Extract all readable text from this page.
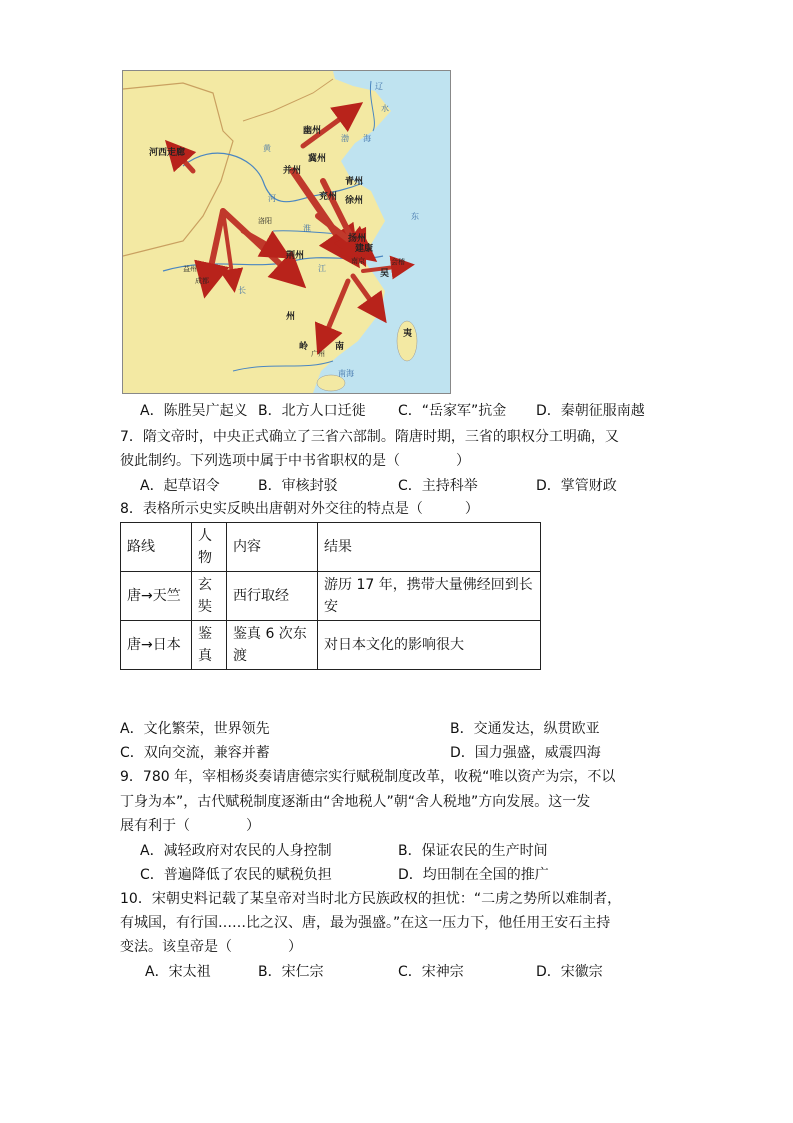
幽州
冀州
并州
青州
兖州 徐州
扬州
荆州
建康
南京
吴
会稽
益州
成都
洛阳
广州
岭	南
州
夷
河西走廊
渤 海
东
南海
辽
水
江
黄
河
淮
长
A．陈胜吴广起义 B．北方人口迁徙 C．“岳家军”抗金 D．秦朝征服南越
7．隋文帝时，中央正式确立了三省六部制。隋唐时期，三省的职权分工明确，又
彼此制约。下列选项中属于中书省职权的是（　　　　）
A．起草诏令	B．审核封驳	C．主持科举	D．掌管财政
8．表格所示史实反映出唐朝对外交往的特点是（　　　）
路线	人物	内容	结果
唐→天竺	玄奘	西行取经	游历 17 年，携带大量佛经回到长安
唐→日本	鉴真	鉴真 6 次东渡	对日本文化的影响很大
A．文化繁荣，世界领先	B．交通发达，纵贯欧亚
C．双向交流，兼容并蓄	D．国力强盛，威震四海
9．780 年，宰相杨炎奏请唐德宗实行赋税制度改革，收税“唯以资产为宗，不以
丁身为本”，古代赋税制度逐渐由“舍地税人”朝“舍人税地”方向发展。这一发
展有利于（　　　　）
A．减轻政府对农民的人身控制	B．保证农民的生产时间
C．普遍降低了农民的赋税负担	D．均田制在全国的推广
10．宋朝史料记载了某皇帝对当时北方民族政权的担忧：“二虏之势所以难制者，
有城国，有行国……比之汉、唐，最为强盛。”在这一压力下，他任用王安石主持
变法。该皇帝是（　　　　）
A．宋太祖	B．宋仁宗	C．宋神宗	D．宋徽宗
